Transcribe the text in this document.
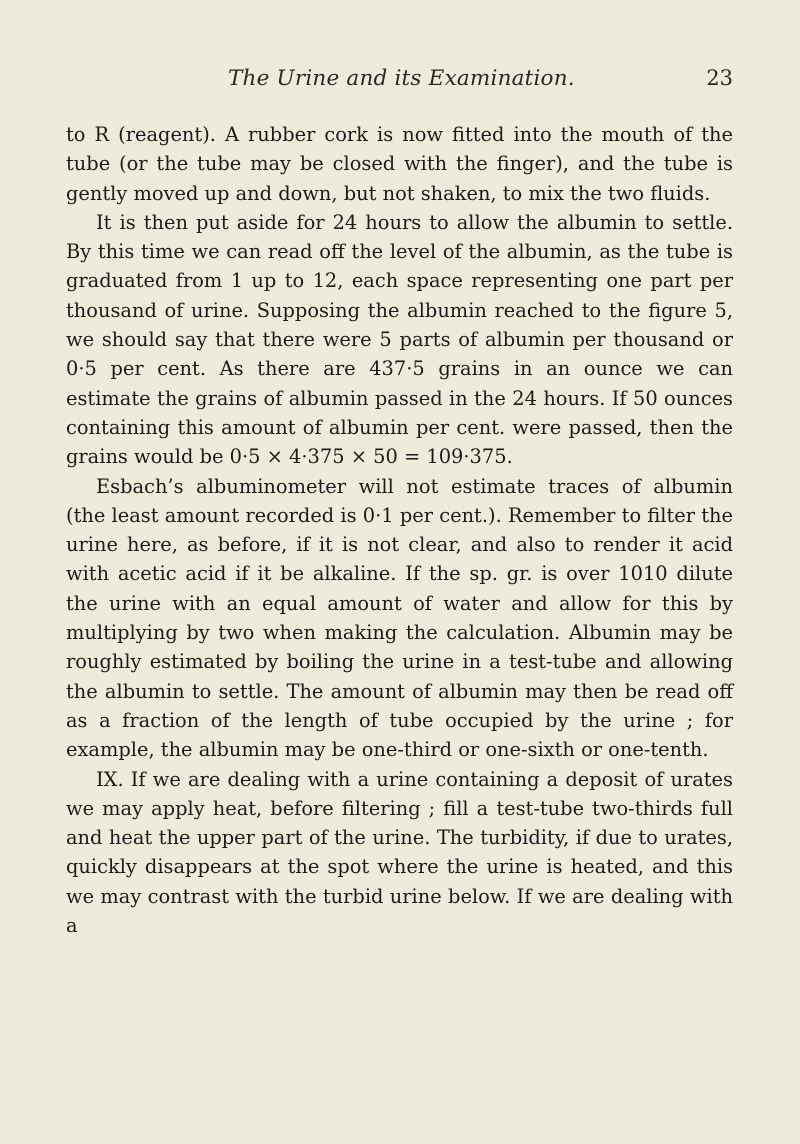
The Urine and its Examination.	23

to R (reagent). A rubber cork is now fitted into the mouth of the tube (or the tube may be closed with the finger), and the tube is gently moved up and down, but not shaken, to mix the two fluids.

It is then put aside for 24 hours to allow the albumin to settle. By this time we can read off the level of the albumin, as the tube is graduated from 1 up to 12, each space representing one part per thousand of urine. Supposing the albumin reached to the figure 5, we should say that there were 5 parts of albumin per thousand or 0·5 per cent. As there are 437·5 grains in an ounce we can estimate the grains of albumin passed in the 24 hours. If 50 ounces containing this amount of albumin per cent. were passed, then the grains would be 0·5 × 4·375 × 50 = 109·375.

Esbach’s albuminometer will not estimate traces of albumin (the least amount recorded is 0·1 per cent.). Remember to filter the urine here, as before, if it is not clear, and also to render it acid with acetic acid if it be alkaline. If the sp. gr. is over 1010 dilute the urine with an equal amount of water and allow for this by multiplying by two when making the calculation. Albumin may be roughly estimated by boiling the urine in a test-tube and allowing the albumin to settle. The amount of albumin may then be read off as a fraction of the length of tube occupied by the urine ; for example, the albumin may be one-third or one-sixth or one-tenth.

IX. If we are dealing with a urine containing a deposit of urates we may apply heat, before filtering ; fill a test-tube two-thirds full and heat the upper part of the urine. The turbidity, if due to urates, quickly disappears at the spot where the urine is heated, and this we may contrast with the turbid urine below. If we are dealing with a
